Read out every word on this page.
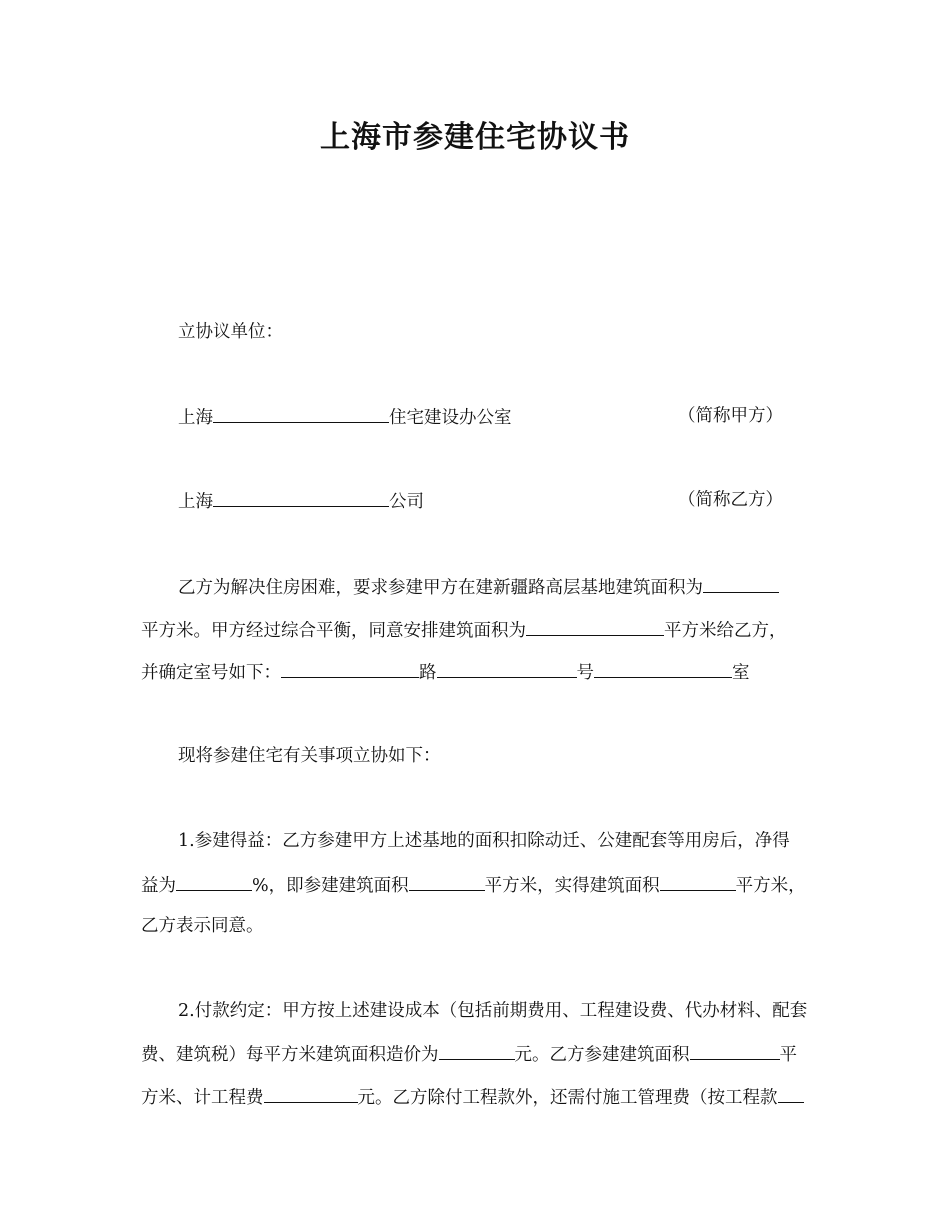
上海市参建住宅协议书
立协议单位：
上海	住宅建设办公室	（简称甲方）
上海	公司	（简称乙方）
乙方为解决住房困难，要求参建甲方在建新疆路高层基地建筑面积为
平方米。甲方经过综合平衡，同意安排建筑面积为	平方米给乙方，
并确定室号如下：	路	号	室
现将参建住宅有关事项立协如下：
1.参建得益：乙方参建甲方上述基地的面积扣除动迁、公建配套等用房后，净得
益为	%，即参建建筑面积	平方米，实得建筑面积	平方米，
乙方表示同意。
2.付款约定：甲方按上述建设成本（包括前期费用、工程建设费、代办材料、配套
费、建筑税）每平方米建筑面积造价为	元。乙方参建建筑面积	平
方米、计工程费	元。乙方除付工程款外，还需付施工管理费（按工程款
